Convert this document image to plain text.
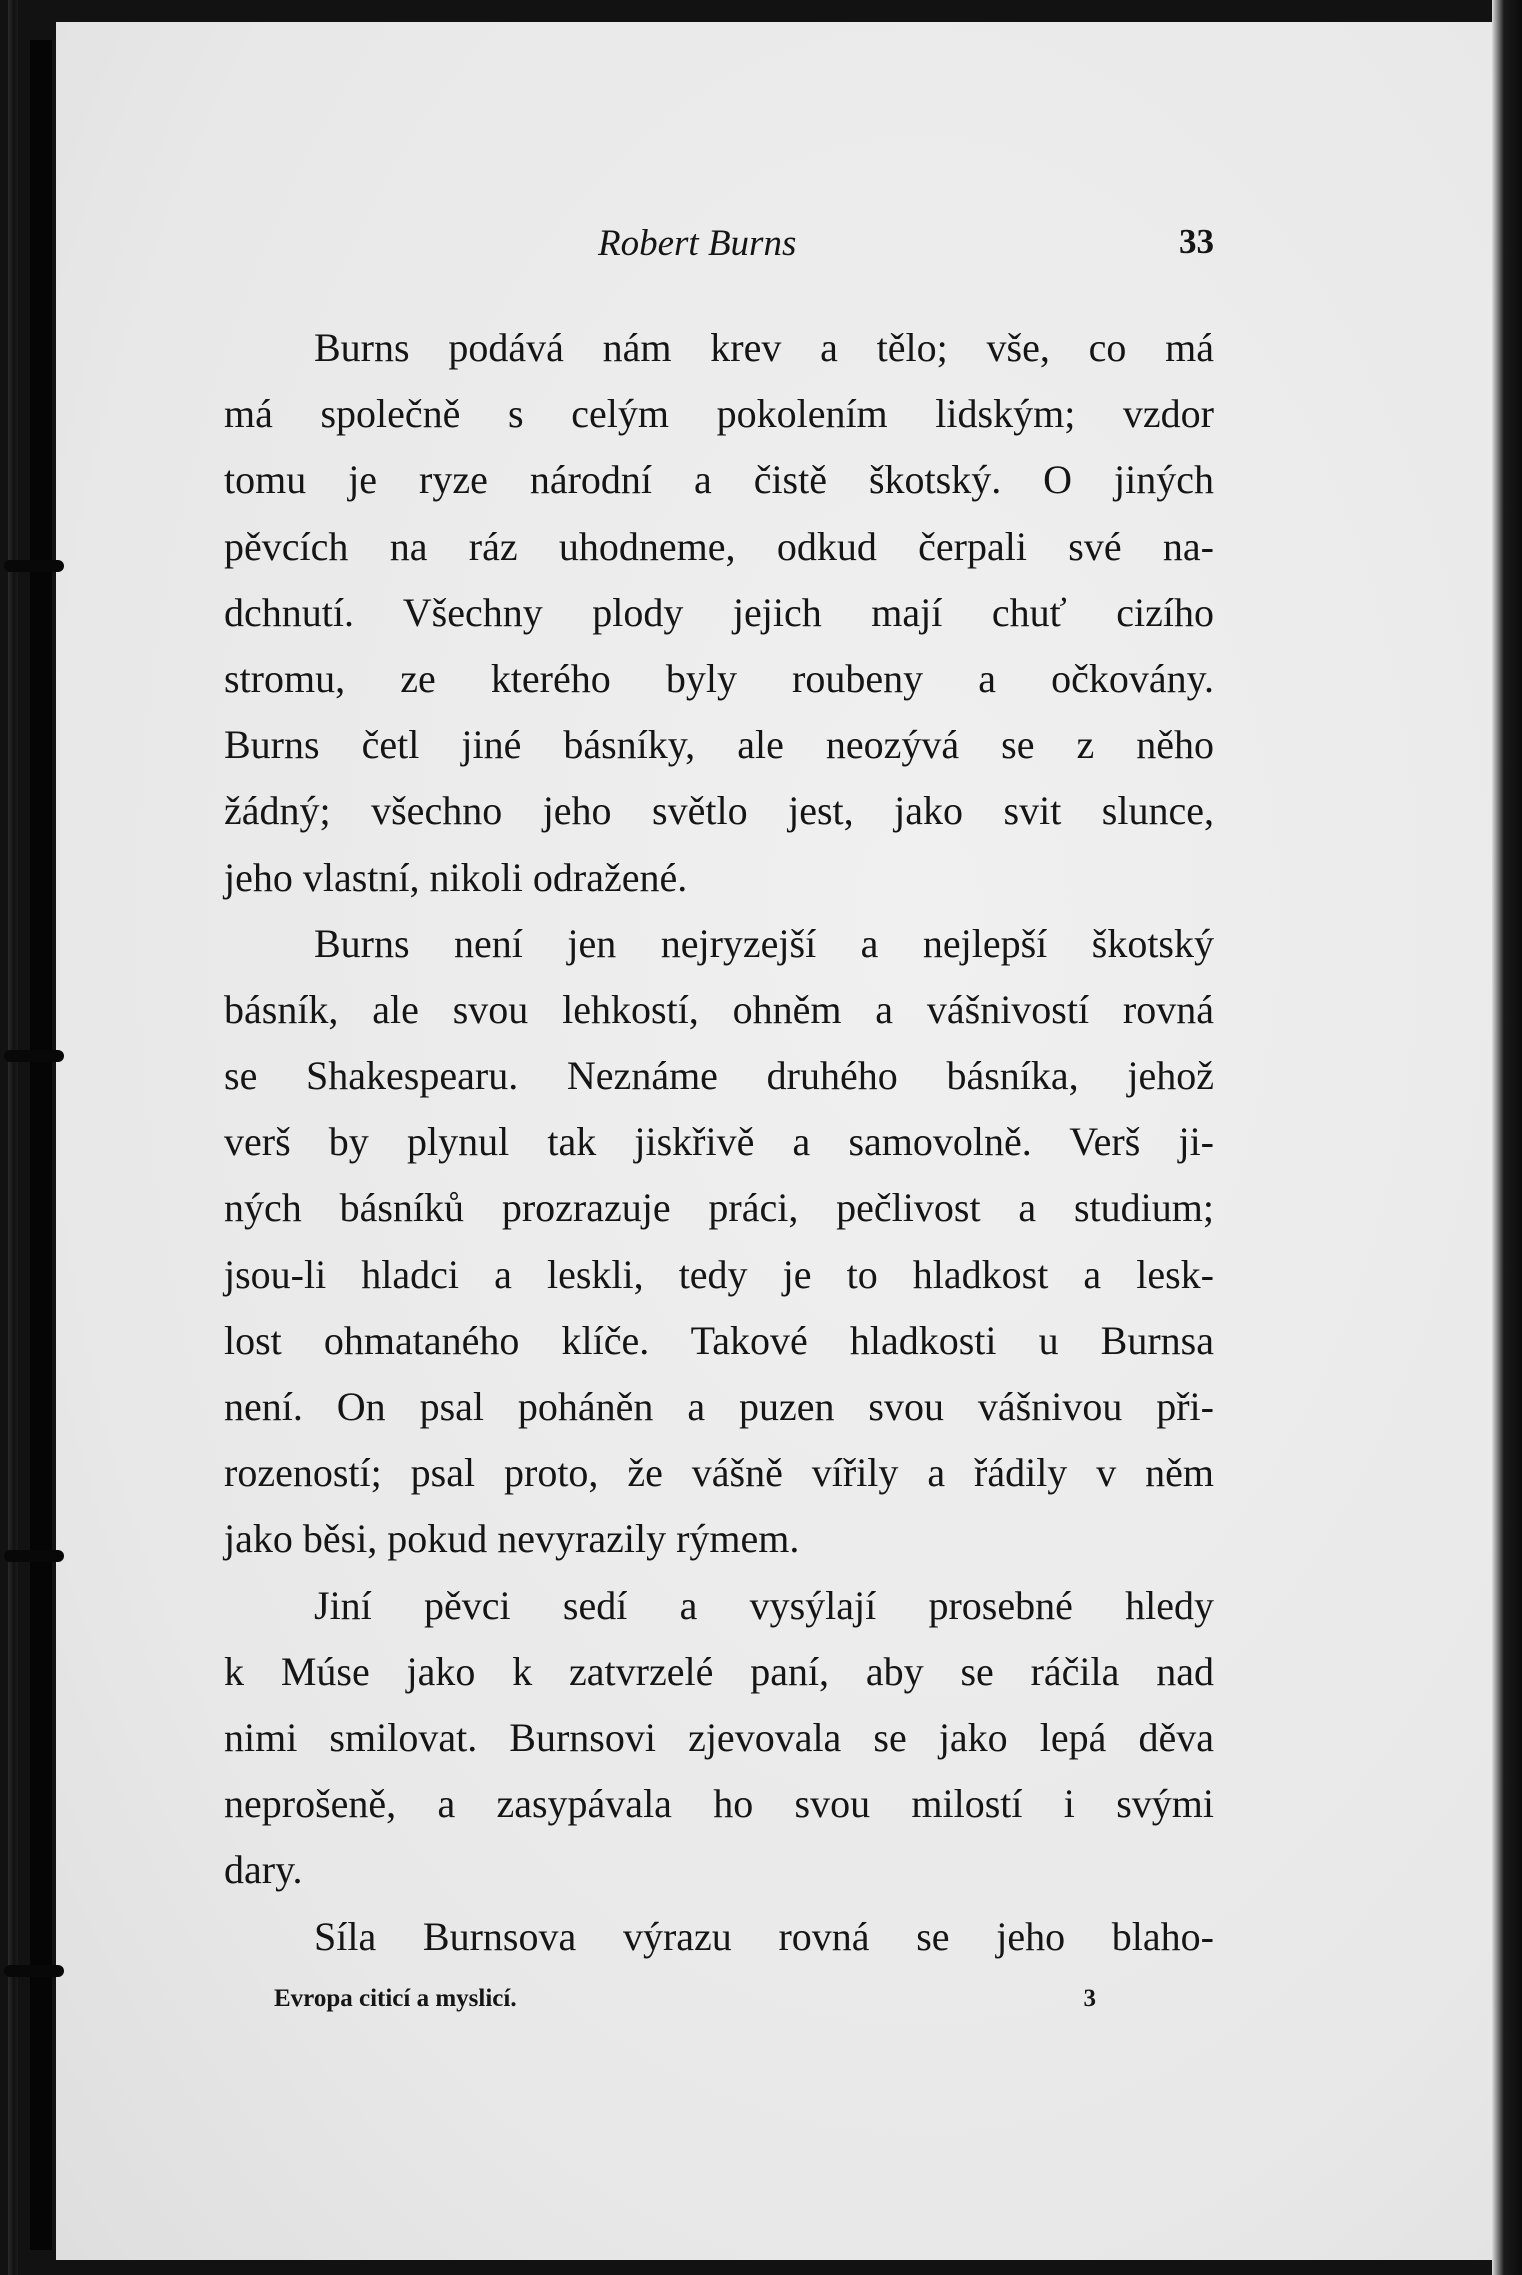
Robert Burns	33
Burns podává nám krev a tělo; vše, co má
má společně s celým pokolením lidským; vzdor
tomu je ryze národní a čistě škotský. O jiných
pěvcích na ráz uhodneme, odkud čerpali své na-
dchnutí. Všechny plody jejich mají chuť cizího
stromu, ze kterého byly roubeny a očkovány.
Burns četl jiné básníky, ale neozývá se z něho
žádný; všechno jeho světlo jest, jako svit slunce,
jeho vlastní, nikoli odražené.
Burns není jen nejryzejší a nejlepší škotský
básník, ale svou lehkostí, ohněm a vášnivostí rovná
se Shakespearu. Neznáme druhého básníka, jehož
verš by plynul tak jiskřivě a samovolně. Verš ji-
ných básníků prozrazuje práci, pečlivost a studium;
jsou-li hladci a leskli, tedy je to hladkost a lesk-
lost ohmataného klíče. Takové hladkosti u Burnsa
není. On psal poháněn a puzen svou vášnivou při-
rozeností; psal proto, že vášně vířily a řádily v něm
jako běsi, pokud nevyrazily rýmem.
Jiní pěvci sedí a vysýlají prosebné hledy
k Múse jako k zatvrzelé paní, aby se ráčila nad
nimi smilovat. Burnsovi zjevovala se jako lepá děva
neprošeně, a zasypávala ho svou milostí i svými
dary.
Síla Burnsova výrazu rovná se jeho blaho-
Evropa citicí a myslicí.	3
